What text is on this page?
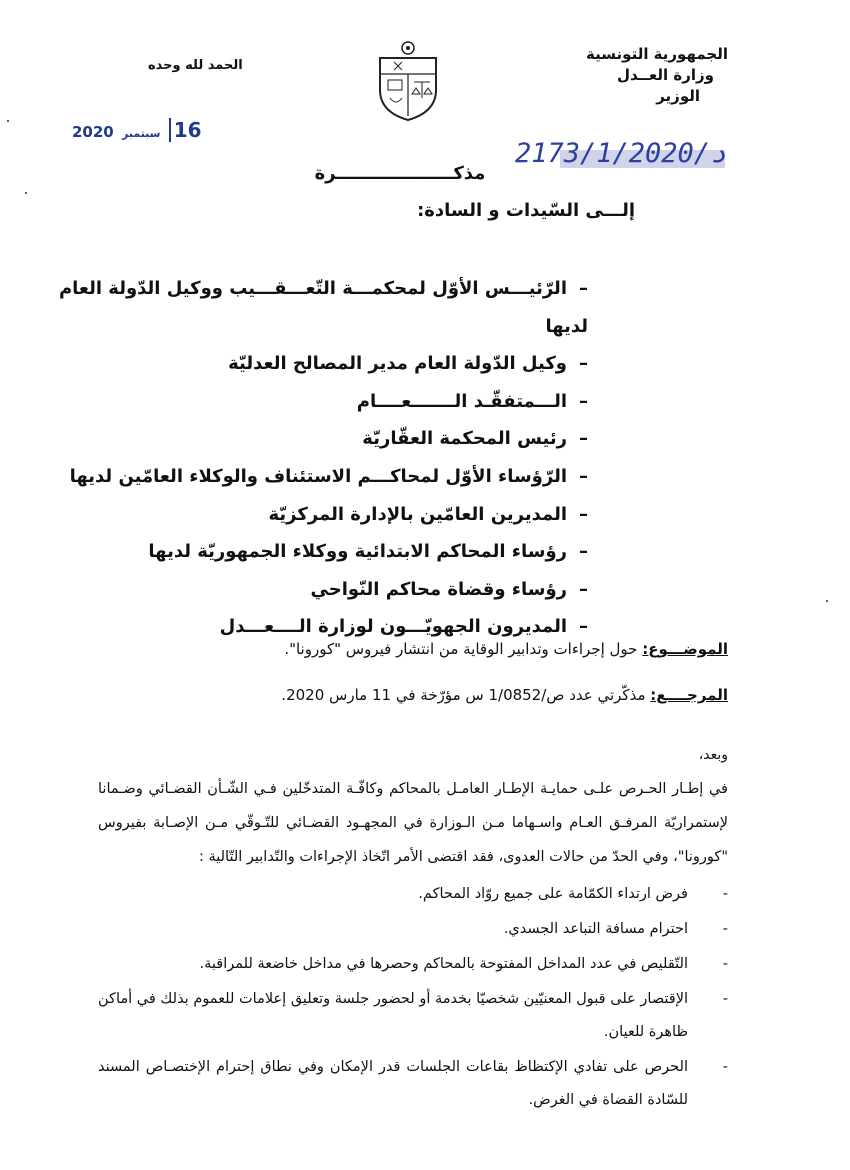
الجمهورية التونسية
وزارة العــدل
الوزير
الحمد لله وحده
16 سبتمبر 2020
2173/1/2020/د
مذكـــــــــــــــــــرة
إلـــى السّيدات و السادة:
– الرّئيـــس الأوّل لمحكمـــة التّعـــقـــيب ووكيل الدّولة العام لديها
– وكيل الدّولة العام مدير المصالح العدليّة
– الـــمتفقّـد الـــــــعــــام
– رئيس المحكمة العقّاريّة
– الرّؤساء الأوّل لمحاكـــم الاستئناف والوكلاء العامّين لديها
– المديرين العامّين بالإدارة المركزيّة
– رؤساء المحاكم الابتدائية ووكلاء الجمهوريّة لديها
– رؤساء وقضاة محاكم النّواحي
– المديرون الجهويّـــون لوزارة الــــعـــدل
الموضـــوع: حول إجراءات وتدابير الوقاية من انتشار فيروس "كورونا".
المرجــــع: مذكّرتي عدد ص/1/0852 س مؤرّخة في 11 مارس 2020.
وبعد،
في إطـار الحـرص علـى حمايـة الإطـار العامـل بالمحاكم وكافّـة المتدخّلين فـي الشّـأن القضـائي وضـمانا لإستمراريّة المرفـق العـام واسـهاما مـن الـوزارة في المجهـود القضـائي للتّـوقّي مـن الإصـابة بفيروس "كورونا"، وفي الحدّ من حالات العدوى، فقد اقتضى الأمر اتّخاذ الإجراءات والتّدابير التّالية :
- فرض ارتداء الكمّامة على جميع روّاد المحاكم.
- احترام مسافة التباعد الجسدي.
- التّقليص في عدد المداخل المفتوحة بالمحاكم وحصرها في مداخل خاضعة للمراقبة.
- الإقتصار على قبول المعنيّين شخصيّا بخدمة أو لحضور جلسة وتعليق إعلامات للعموم بذلك في أماكن ظاهرة للعيان.
- الحرص على تفادي الإكتظاظ بقاعات الجلسات قدر الإمكان وفي نطاق إحترام الإختصـاص المسند للسّادة القضاة في الغرض.
